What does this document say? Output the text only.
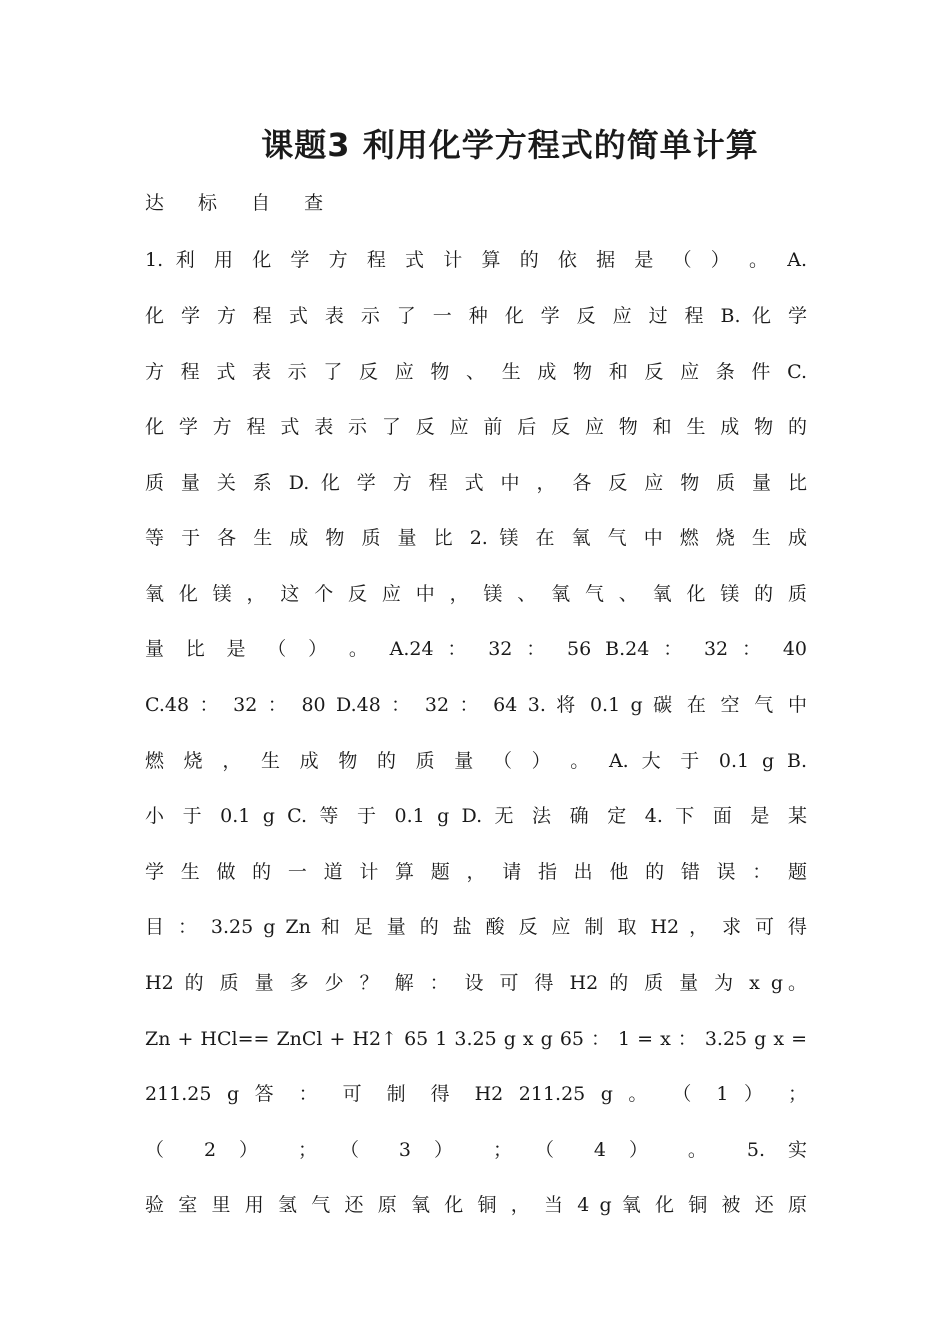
课题3 利用化学方程式的简单计算
达 标 自 查
1. 利 用 化 学 方 程 式 计 算 的 依 据 是 （ ） 。 A.
化 学 方 程 式 表 示 了 一 种 化 学 反 应 过 程 B. 化 学
方 程 式 表 示 了 反 应 物 、 生 成 物 和 反 应 条 件 C.
化 学 方 程 式 表 示 了 反 应 前 后 反 应 物 和 生 成 物 的
质 量 关 系 D. 化 学 方 程 式 中 ， 各 反 应 物 质 量 比
等 于 各 生 成 物 质 量 比 2. 镁 在 氧 气 中 燃 烧 生 成
氧 化 镁 ， 这 个 反 应 中 ， 镁 、 氧 气 、 氧 化 镁 的 质
量 比 是 （ ） 。 A.24 ： 32 ： 56 B.24 ： 32 ： 40
C.48 ： 32 ： 80 D.48 ： 32 ： 64 3. 将 0.1 g 碳 在 空 气 中
燃 烧 ， 生 成 物 的 质 量 （ ） 。 A. 大 于 0.1 g B.
小 于 0.1 g C. 等 于 0.1 g D. 无 法 确 定 4. 下 面 是 某
学 生 做 的 一 道 计 算 题 ， 请 指 出 他 的 错 误 ： 题
目 ： 3.25 g Zn 和 足 量 的 盐 酸 反 应 制 取 H2 ， 求 可 得
H2 的 质 量 多 少 ？ 解 ： 设 可 得 H2 的 质 量 为 x g。
Zn + HCl== ZnCl + H2↑ 65 1 3.25 g x g 65 ： 1 = x ： 3.25 g x =
211.25 g 答 ： 可 制 得 H2 211.25 g 。 （ 1 ） ；
（ 2 ） ； （ 3 ） ； （ 4 ） 。 5. 实
验 室 里 用 氢 气 还 原 氧 化 铜 ， 当 4 g 氧 化 铜 被 还 原
